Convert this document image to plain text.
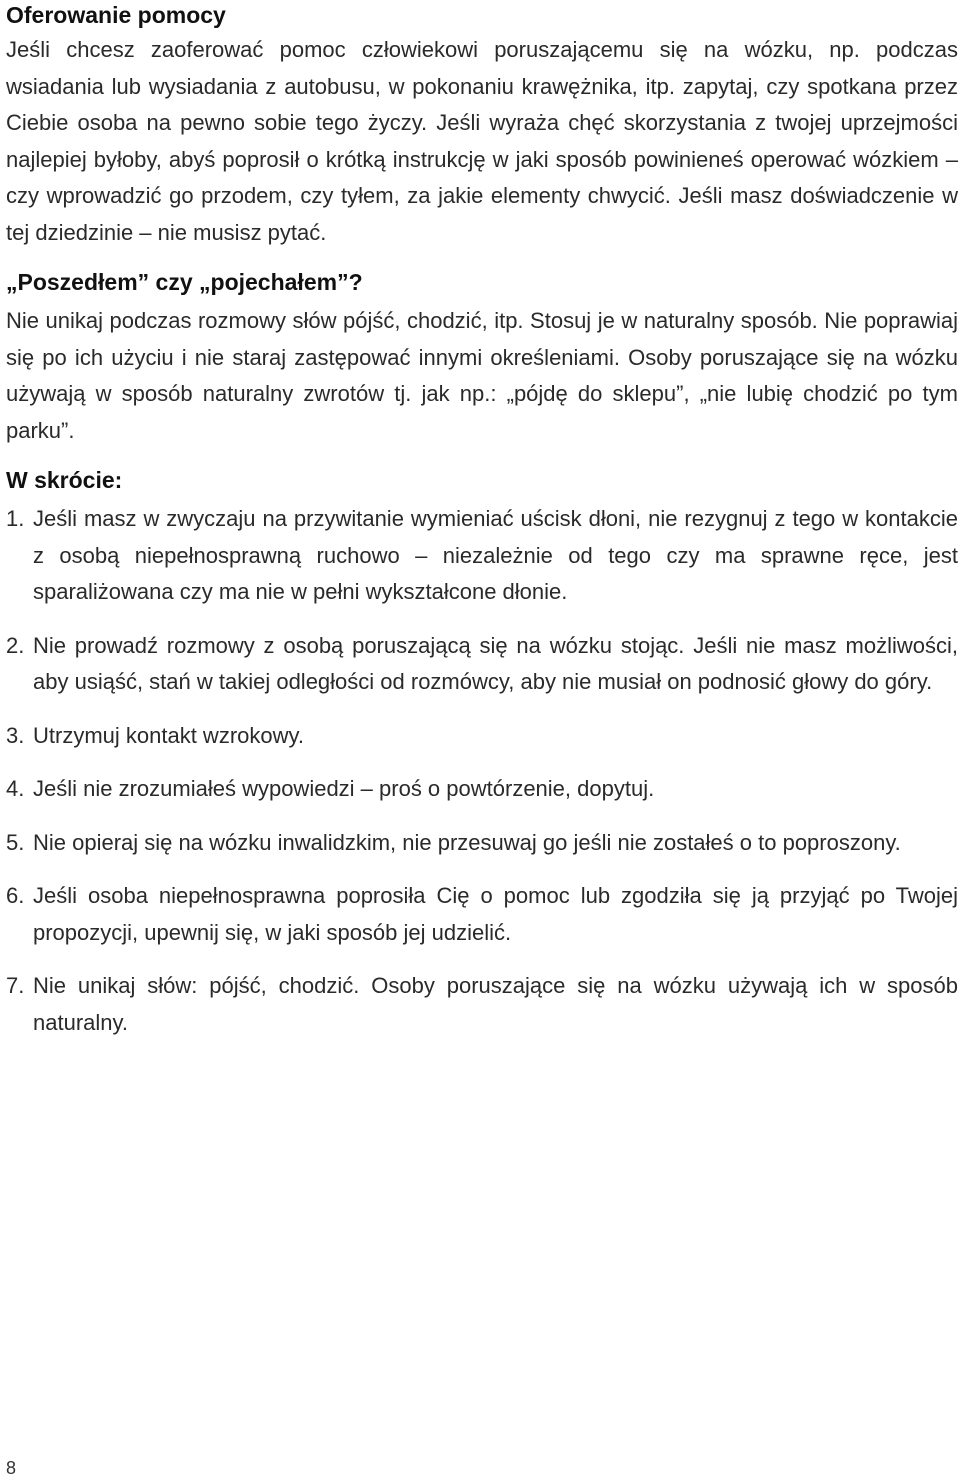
Oferowanie pomocy

Jeśli chcesz zaoferować pomoc człowiekowi poruszającemu się na wózku, np. podczas wsiadania lub wysiadania z autobusu, w pokonaniu krawężnika, itp. zapytaj, czy spotkana przez Ciebie osoba na pewno sobie tego życzy. Jeśli wyraża chęć skorzystania z twojej uprzejmości najlepiej byłoby, abyś poprosił o krótką instrukcję w jaki sposób powinieneś operować wózkiem – czy wprowadzić go przodem, czy tyłem, za jakie elementy chwycić. Jeśli masz doświadczenie w tej dziedzinie – nie musisz pytać.

„Poszedłem” czy „pojechałem”?

Nie unikaj podczas rozmowy słów pójść, chodzić, itp. Stosuj je w naturalny sposób. Nie poprawiaj się po ich użyciu i nie staraj zastępować innymi określeniami. Osoby poruszające się na wózku używają w sposób naturalny zwrotów tj. jak np.: „pójdę do sklepu”, „nie lubię chodzić po tym parku”.

W skrócie:
1. Jeśli masz w zwyczaju na przywitanie wymieniać uścisk dłoni, nie rezygnuj z tego w kontakcie z osobą niepełnosprawną ruchowo – niezależnie od tego czy ma sprawne ręce, jest sparaliżowana czy ma nie w pełni wykształcone dłonie.
2. Nie prowadź rozmowy z osobą poruszającą się na wózku stojąc. Jeśli nie masz możliwości, aby usiąść, stań w takiej odległości od rozmówcy, aby nie musiał on podnosić głowy do góry.
3. Utrzymuj kontakt wzrokowy.
4. Jeśli nie zrozumiałeś wypowiedzi – proś o powtórzenie, dopytuj.
5. Nie opieraj się na wózku inwalidzkim, nie przesuwaj go jeśli nie zostałeś o to poproszony.
6. Jeśli osoba niepełnosprawna poprosiła Cię o pomoc lub zgodziła się ją przyjąć po Twojej propozycji, upewnij się, w jaki sposób jej udzielić.
7. Nie unikaj słów: pójść, chodzić. Osoby poruszające się na wózku używają ich w sposób naturalny.
8
